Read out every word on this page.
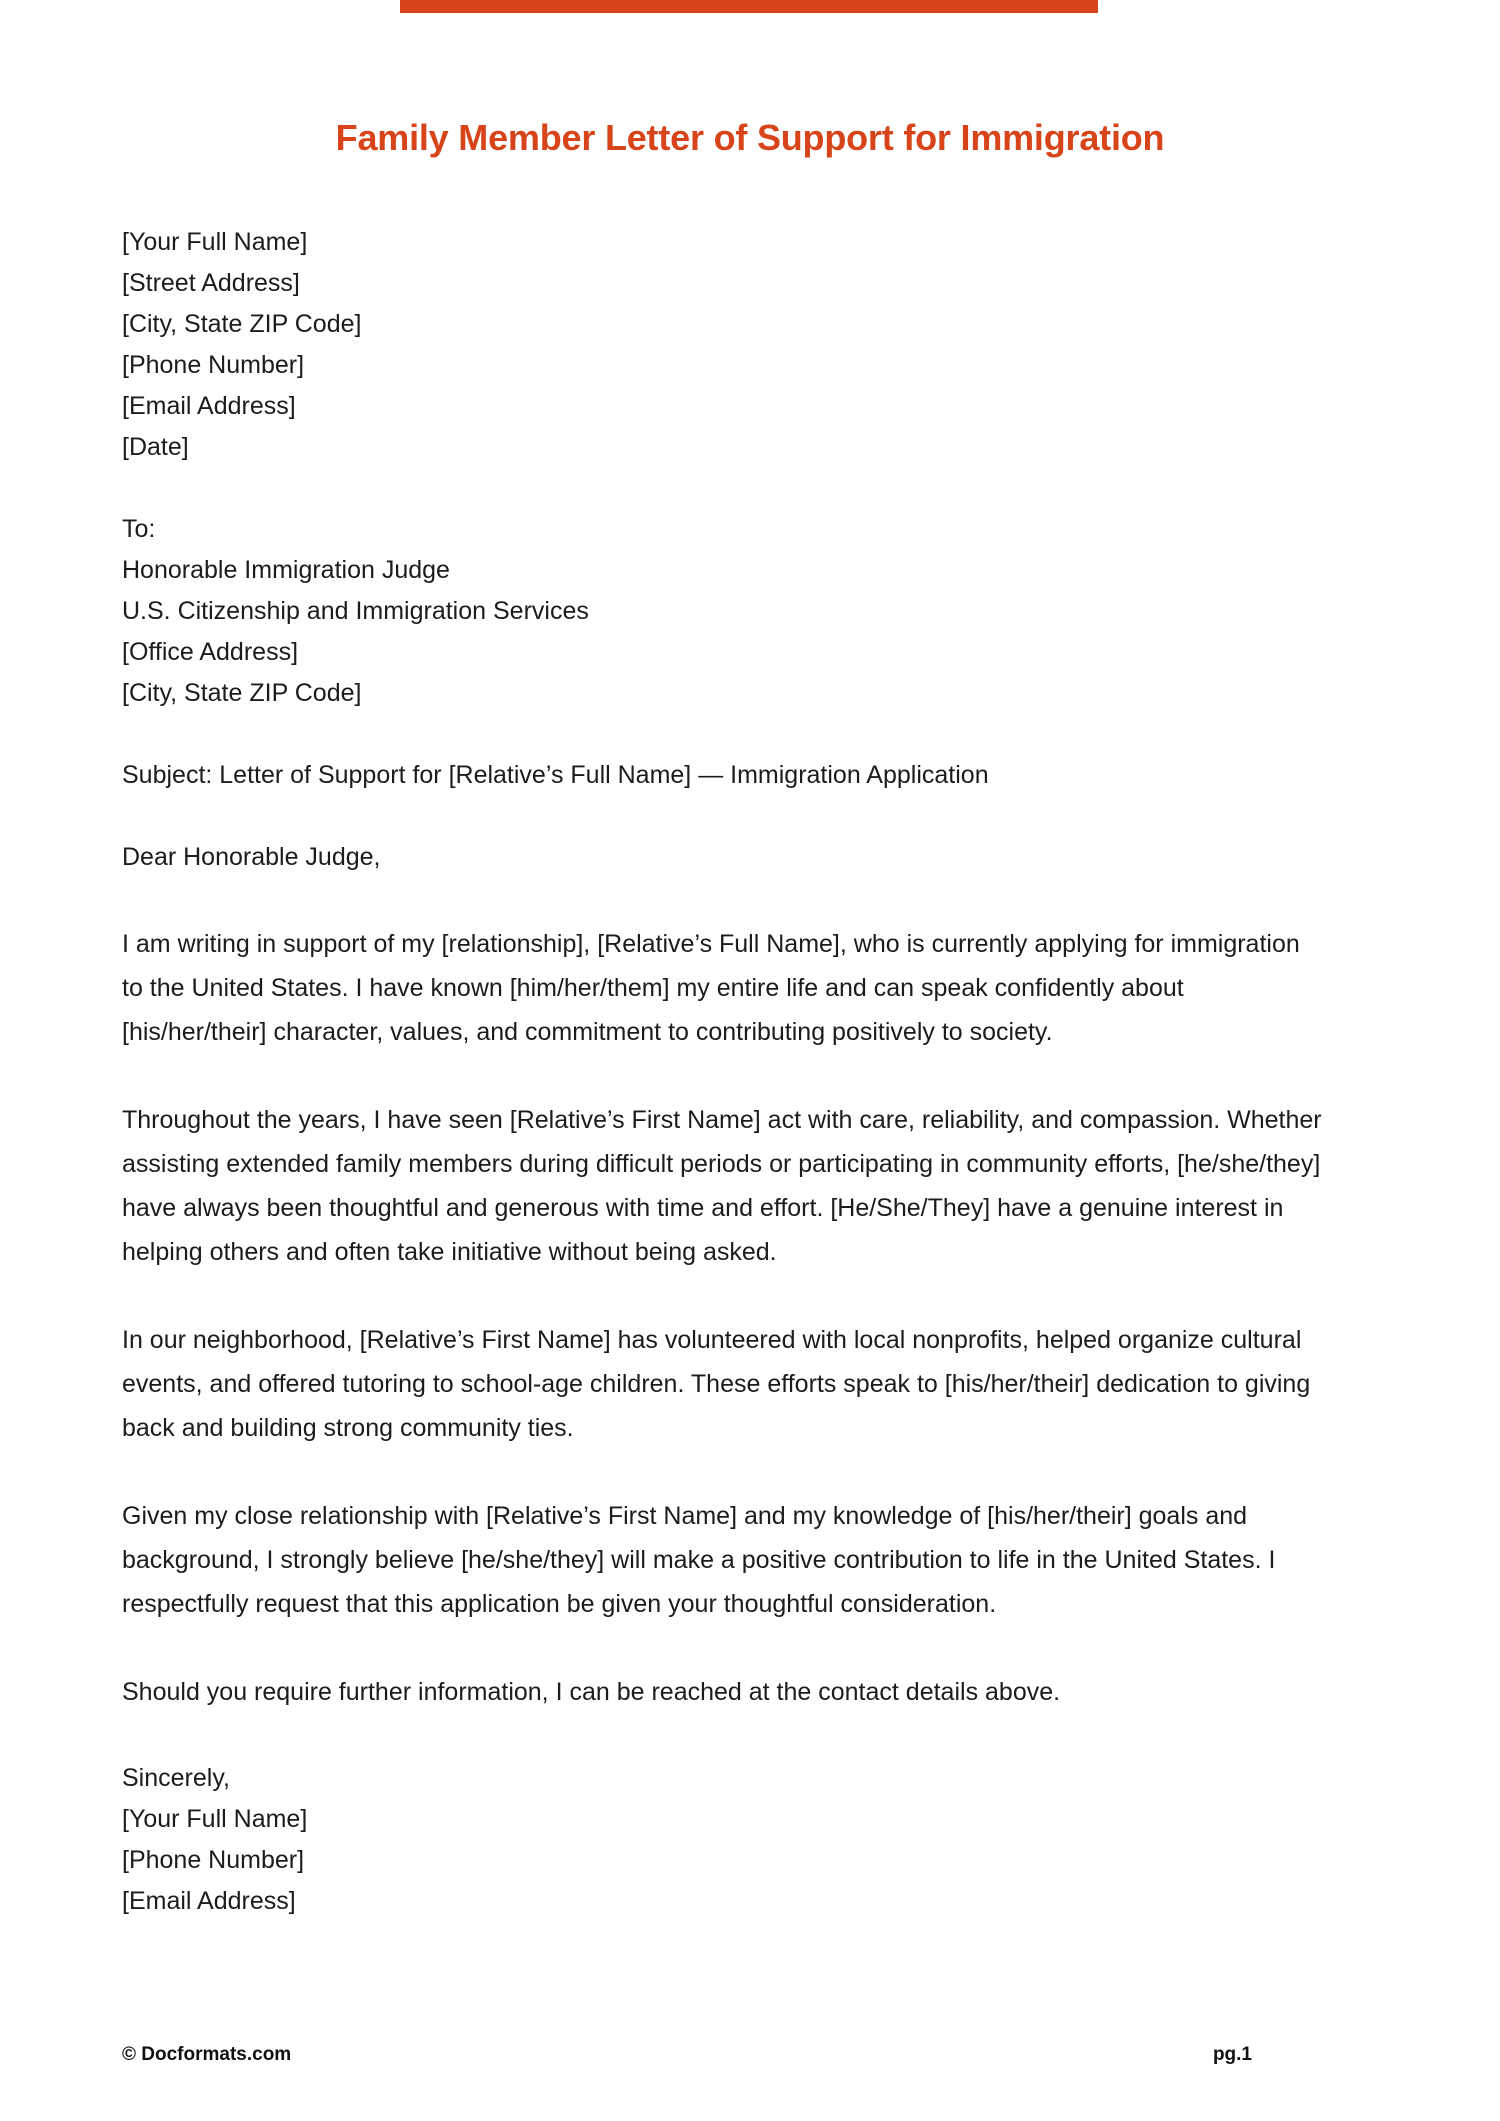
Family Member Letter of Support for Immigration
[Your Full Name]
[Street Address]
[City, State ZIP Code]
[Phone Number]
[Email Address]
[Date]
To:
Honorable Immigration Judge
U.S. Citizenship and Immigration Services
[Office Address]
[City, State ZIP Code]
Subject: Letter of Support for [Relative’s Full Name] — Immigration Application
Dear Honorable Judge,

I am writing in support of my [relationship], [Relative’s Full Name], who is currently applying for immigration to the United States. I have known [him/her/them] my entire life and can speak confidently about [his/her/their] character, values, and commitment to contributing positively to society.

Throughout the years, I have seen [Relative’s First Name] act with care, reliability, and compassion. Whether assisting extended family members during difficult periods or participating in community efforts, [he/she/they] have always been thoughtful and generous with time and effort. [He/She/They] have a genuine interest in helping others and often take initiative without being asked.

In our neighborhood, [Relative’s First Name] has volunteered with local nonprofits, helped organize cultural events, and offered tutoring to school-age children. These efforts speak to [his/her/their] dedication to giving back and building strong community ties.

Given my close relationship with [Relative’s First Name] and my knowledge of [his/her/their] goals and background, I strongly believe [he/she/they] will make a positive contribution to life in the United States. I respectfully request that this application be given your thoughtful consideration.

Should you require further information, I can be reached at the contact details above.

Sincerely,
[Your Full Name]
[Phone Number]
[Email Address]
© Docformats.com	pg.1
